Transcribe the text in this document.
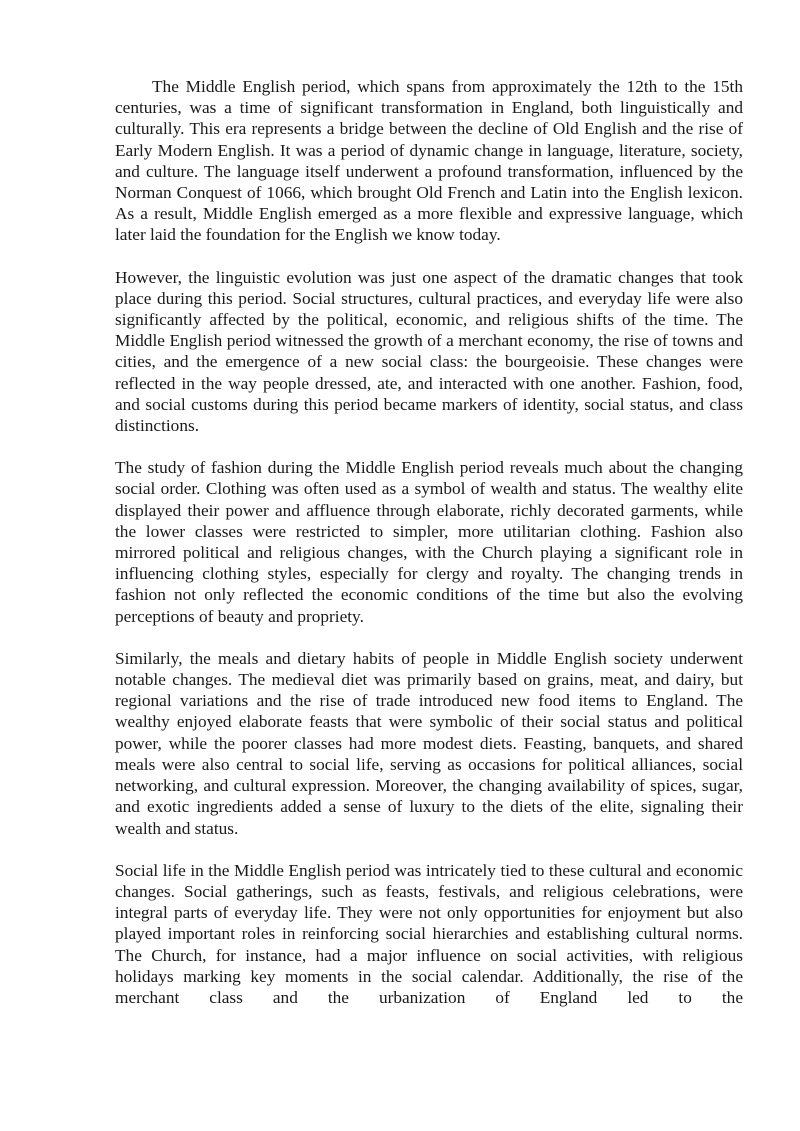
The Middle English period, which spans from approximately the 12th to the 15th centuries, was a time of significant transformation in England, both linguistically and culturally. This era represents a bridge between the decline of Old English and the rise of Early Modern English. It was a period of dynamic change in language, literature, society, and culture. The language itself underwent a profound transformation, influenced by the Norman Conquest of 1066, which brought Old French and Latin into the English lexicon. As a result, Middle English emerged as a more flexible and expressive language, which later laid the foundation for the English we know today.

However, the linguistic evolution was just one aspect of the dramatic changes that took place during this period. Social structures, cultural practices, and everyday life were also significantly affected by the political, economic, and religious shifts of the time. The Middle English period witnessed the growth of a merchant economy, the rise of towns and cities, and the emergence of a new social class: the bourgeoisie. These changes were reflected in the way people dressed, ate, and interacted with one another. Fashion, food, and social customs during this period became markers of identity, social status, and class distinctions.

The study of fashion during the Middle English period reveals much about the changing social order. Clothing was often used as a symbol of wealth and status. The wealthy elite displayed their power and affluence through elaborate, richly decorated garments, while the lower classes were restricted to simpler, more utilitarian clothing. Fashion also mirrored political and religious changes, with the Church playing a significant role in influencing clothing styles, especially for clergy and royalty. The changing trends in fashion not only reflected the economic conditions of the time but also the evolving perceptions of beauty and propriety.

Similarly, the meals and dietary habits of people in Middle English society underwent notable changes. The medieval diet was primarily based on grains, meat, and dairy, but regional variations and the rise of trade introduced new food items to England. The wealthy enjoyed elaborate feasts that were symbolic of their social status and political power, while the poorer classes had more modest diets. Feasting, banquets, and shared meals were also central to social life, serving as occasions for political alliances, social networking, and cultural expression. Moreover, the changing availability of spices, sugar, and exotic ingredients added a sense of luxury to the diets of the elite, signaling their wealth and status.

Social life in the Middle English period was intricately tied to these cultural and economic changes. Social gatherings, such as feasts, festivals, and religious celebrations, were integral parts of everyday life. They were not only opportunities for enjoyment but also played important roles in reinforcing social hierarchies and establishing cultural norms. The Church, for instance, had a major influence on social activities, with religious holidays marking key moments in the social calendar. Additionally, the rise of the merchant class and the urbanization of England led to the
